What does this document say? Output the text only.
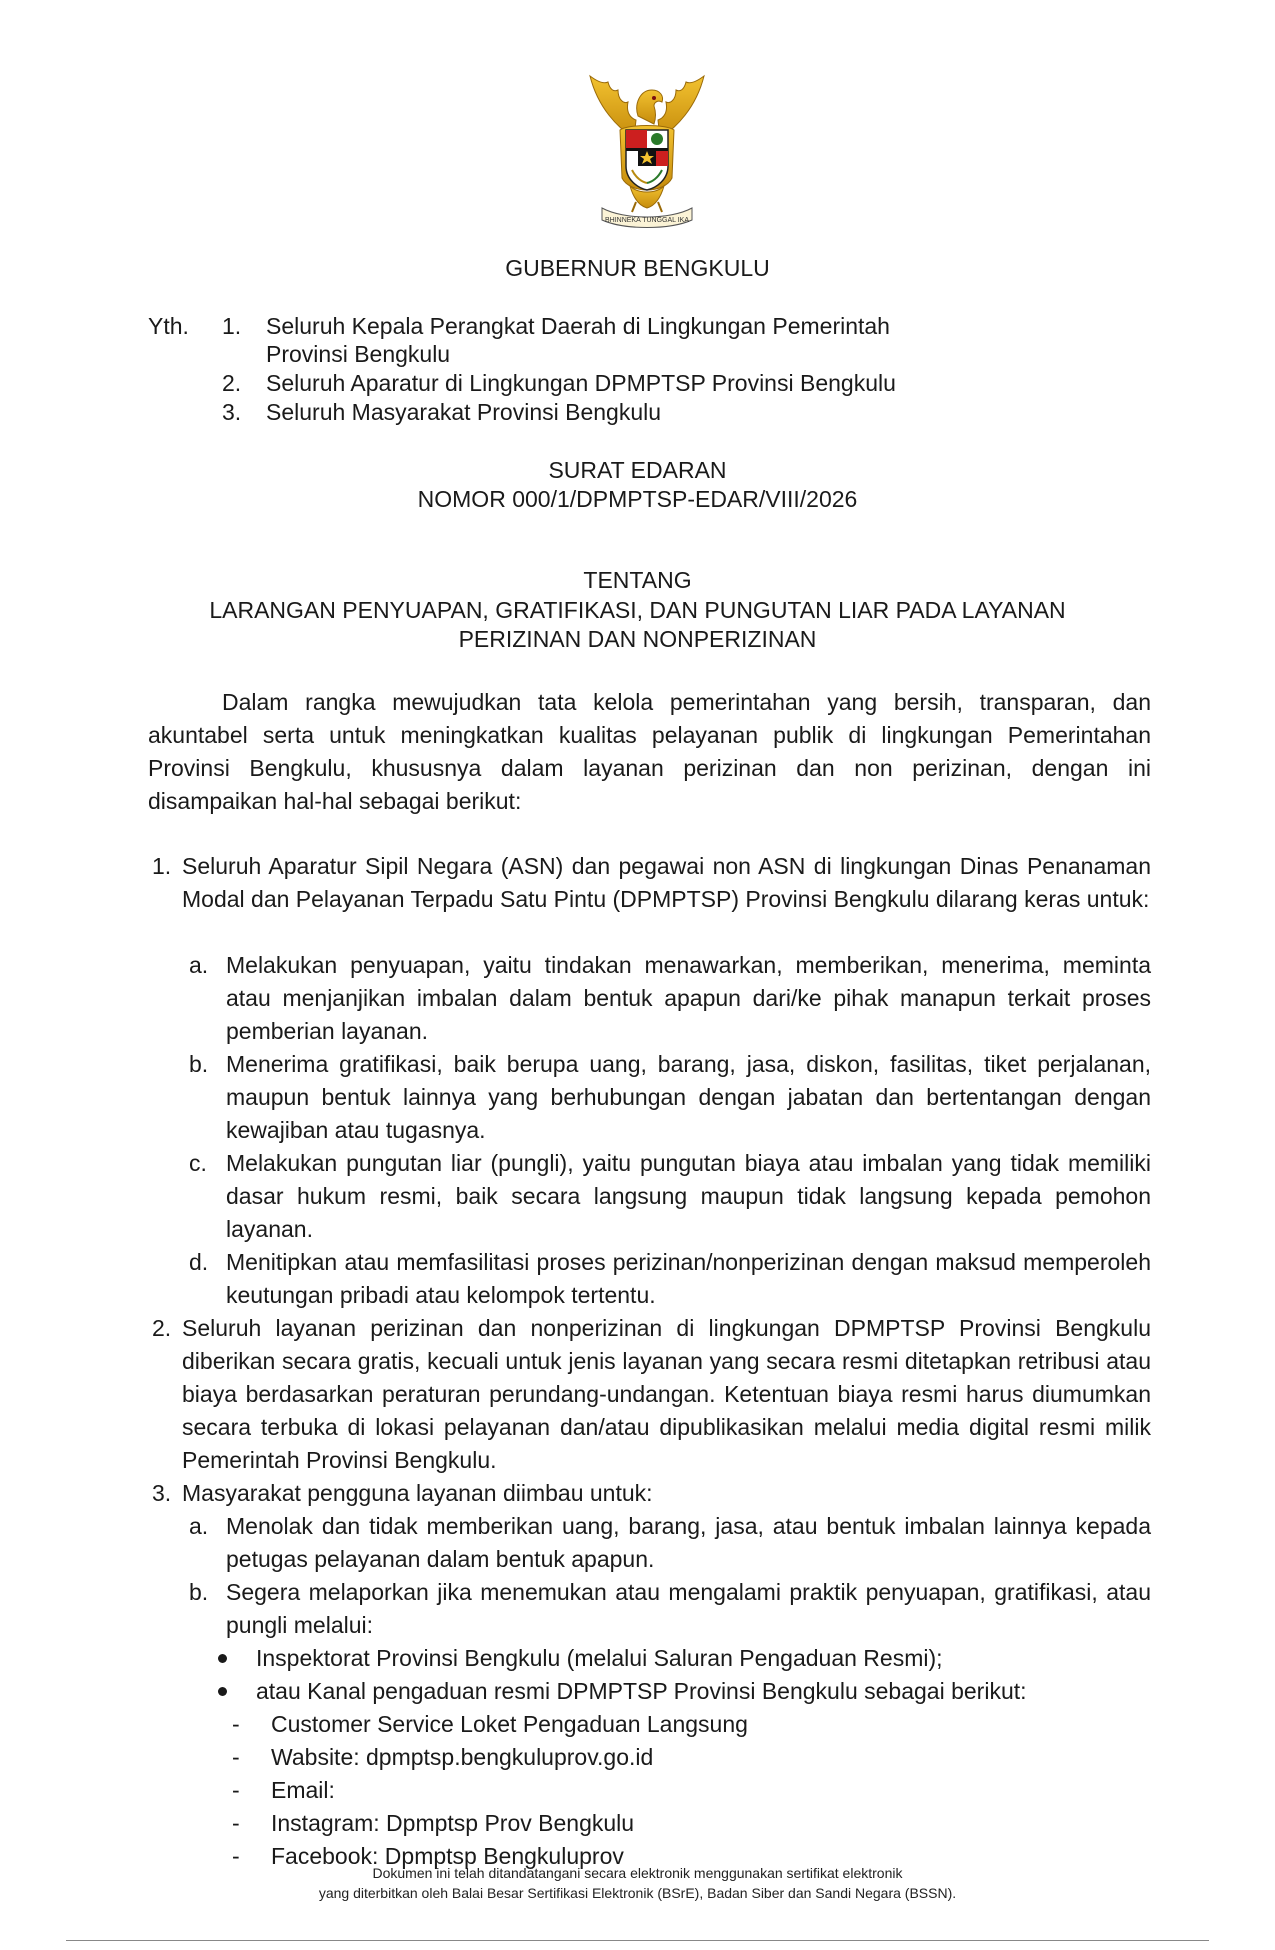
BHINNEKA TUNGGAL IKA
GUBERNUR BENGKULU
Yth. 1.	Seluruh Kepala Perangkat Daerah di Lingkungan Pemerintah
Provinsi Bengkulu
2.	Seluruh Aparatur di Lingkungan DPMPTSP Provinsi Bengkulu
3.	Seluruh Masyarakat Provinsi Bengkulu
SURAT EDARAN
NOMOR 000/1/DPMPTSP-EDAR/VIII/2026
TENTANG
LARANGAN PENYUAPAN, GRATIFIKASI, DAN PUNGUTAN LIAR PADA LAYANAN
PERIZINAN DAN NONPERIZINAN
Dalam rangka mewujudkan tata kelola pemerintahan yang bersih, transparan, dan akuntabel serta untuk meningkatkan kualitas pelayanan publik di lingkungan Pemerintahan Provinsi Bengkulu, khususnya dalam layanan perizinan dan non perizinan, dengan ini disampaikan hal-hal sebagai berikut:
1. Seluruh Aparatur Sipil Negara (ASN) dan pegawai non ASN di lingkungan Dinas Penanaman Modal dan Pelayanan Terpadu Satu Pintu (DPMPTSP) Provinsi Bengkulu dilarang keras untuk:
a. Melakukan penyuapan, yaitu tindakan menawarkan, memberikan, menerima, meminta atau menjanjikan imbalan dalam bentuk apapun dari/ke pihak manapun terkait proses pemberian layanan.
b. Menerima gratifikasi, baik berupa uang, barang, jasa, diskon, fasilitas, tiket perjalanan, maupun bentuk lainnya yang berhubungan dengan jabatan dan bertentangan dengan kewajiban atau tugasnya.
c. Melakukan pungutan liar (pungli), yaitu pungutan biaya atau imbalan yang tidak memiliki dasar hukum resmi, baik secara langsung maupun tidak langsung kepada pemohon layanan.
d. Menitipkan atau memfasilitasi proses perizinan/nonperizinan dengan maksud memperoleh keutungan pribadi atau kelompok tertentu.
2. Seluruh layanan perizinan dan nonperizinan di lingkungan DPMPTSP Provinsi Bengkulu diberikan secara gratis, kecuali untuk jenis layanan yang secara resmi ditetapkan retribusi atau biaya berdasarkan peraturan perundang-undangan. Ketentuan biaya resmi harus diumumkan secara terbuka di lokasi pelayanan dan/atau dipublikasikan melalui media digital resmi milik Pemerintah Provinsi Bengkulu.
3. Masyarakat pengguna layanan diimbau untuk:
a. Menolak dan tidak memberikan uang, barang, jasa, atau bentuk imbalan lainnya kepada petugas pelayanan dalam bentuk apapun.
b. Segera melaporkan jika menemukan atau mengalami praktik penyuapan, gratifikasi, atau pungli melalui:
Inspektorat Provinsi Bengkulu (melalui Saluran Pengaduan Resmi);
atau Kanal pengaduan resmi DPMPTSP Provinsi Bengkulu sebagai berikut:
- Customer Service Loket Pengaduan Langsung
- Wabsite: dpmptsp.bengkuluprov.go.id
- Email:
- Instagram: Dpmptsp Prov Bengkulu
- Facebook: Dpmptsp Bengkuluprov
Dokumen ini telah ditandatangani secara elektronik menggunakan sertifikat elektronik
yang diterbitkan oleh Balai Besar Sertifikasi Elektronik (BSrE), Badan Siber dan Sandi Negara (BSSN).
